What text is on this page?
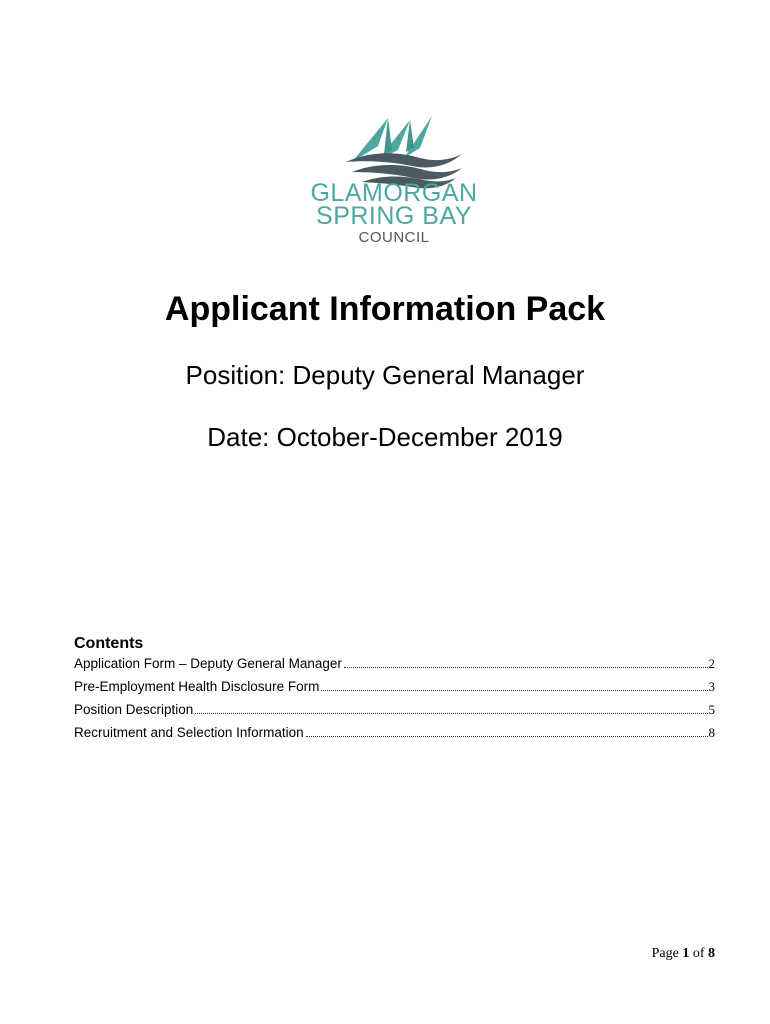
GLAMORGAN
SPRING BAY
COUNCIL
Applicant Information Pack
Position: Deputy General Manager
Date: October-December 2019
Contents
Application Form – Deputy General Manager	2
Pre-Employment Health Disclosure Form	3
Position Description	5
Recruitment and Selection Information	8
Page 1 of 8
